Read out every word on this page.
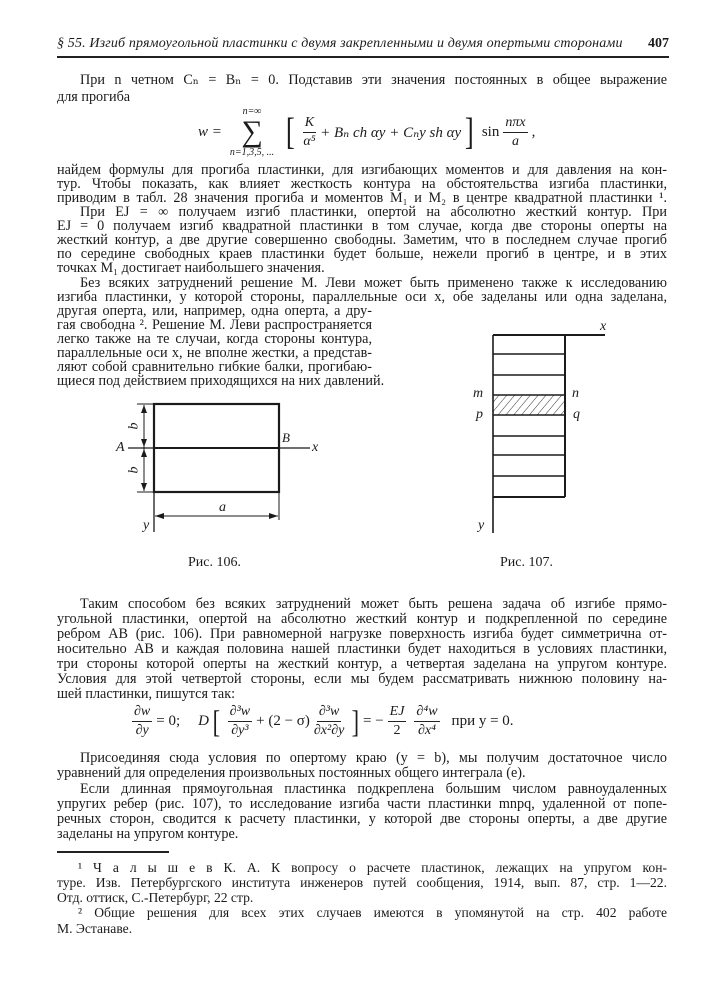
§ 55. Изгиб прямоугольной пластинки с двумя закрепленными и двумя опертыми сторонами 407
При n четном Cₙ = Bₙ = 0. Подставив эти значения постоянных в общее выражение
для прогиба
w =
n=∞
∑
n=1,3,5, ... [ $\frac{K}{\text{α⁵}} + B_n$ ch αy + Cₙy sh αy ] $\sin \frac{\text{nπx}}{a}$ ,
найдем формулы для прогиба пластинки, для изгибающих моментов и для давления на кон-
тур. Чтобы показать, как влияет жесткость контура на обстоятельства изгиба пластинки,
приводим в табл. 28 значения прогиба и моментов M₁ и M₂ в центре квадратной пластинки ¹.
При EJ = ∞ получаем изгиб пластинки, опертой на абсолютно жесткий контур. При
EJ = 0 получаем изгиб квадратной пластинки в том случае, когда две стороны оперты на
жесткий контур, а две другие совершенно свободны. Заметим, что в последнем случае прогиб
по середине свободных краев пластинки будет больше, нежели прогиб в центре, и в этих
точках M₁ достигает наибольшего значения.
Без всяких затруднений решение М. Леви может быть применено также к исследованию
изгиба пластинки, у которой стороны, параллельные оси x, обе заделаны или одна заделана,
другая оперта, или, например, одна оперта, а дру-
гая свободна ². Решение М. Леви распространяется
легко также на те случаи, когда стороны контура,
параллельные оси x, не вполне жестки, а представ-
ляют собой сравнительно гибкие балки, прогибаю-
щиеся под действием приходящихся на них давлений.
A
B
x
b
b
a
y
Рис. 106.
x
m	n
p	q
y
Рис. 107.
Таким способом без всяких затруднений может быть решена задача об изгибе прямо-
угольной пластинки, опертой на абсолютно жесткий контур и подкрепленной по середине
ребром AB (рис. 106). При равномерной нагрузке поверхность изгиба будет симметрична от-
носительно AB и каждая половина нашей пластинки будет находиться в условиях пластинки,
три стороны которой оперты на жесткий контур, а четвертая заделана на упругом контуре.
Условия для этой четвертой стороны, если мы будем рассматривать нижнюю половину на-
шей пластинки, пишутся так:
$\frac{\partial w}{\partial y} = 0$; D [ $\frac{\text{∂³w}}{\text{∂y³}} + (2 - \sigma) \frac{\text{∂³w}}{\text{∂x²∂y}}$ ] = − $\frac{EJ}{2} \frac{\text{∂⁴w}}{\text{∂x⁴}}$ при y = 0.
Присоединяя сюда условия по опертому краю (y = b), мы получим достаточное число
уравнений для определения произвольных постоянных общего интеграла (e).
Если длинная прямоугольная пластинка подкреплена большим числом равноудаленных
упругих ребер (рис. 107), то исследование изгиба части пластинки mnpq, удаленной от попе-
речных сторон, сводится к расчету пластинки, у которой две стороны оперты, а две другие
заделаны на упругом контуре.
¹ Ч а л ы ш е в К. А. К вопросу о расчете пластинок, лежащих на упругом кон-
туре. Изв. Петербургского института инженеров путей сообщения, 1914, вып. 87, стр. 1—22.
Отд. оттиск, С.-Петербург, 22 стр.
² Общие решения для всех этих случаев имеются в упомянутой на стр. 402 работе
М. Эстанаве.
